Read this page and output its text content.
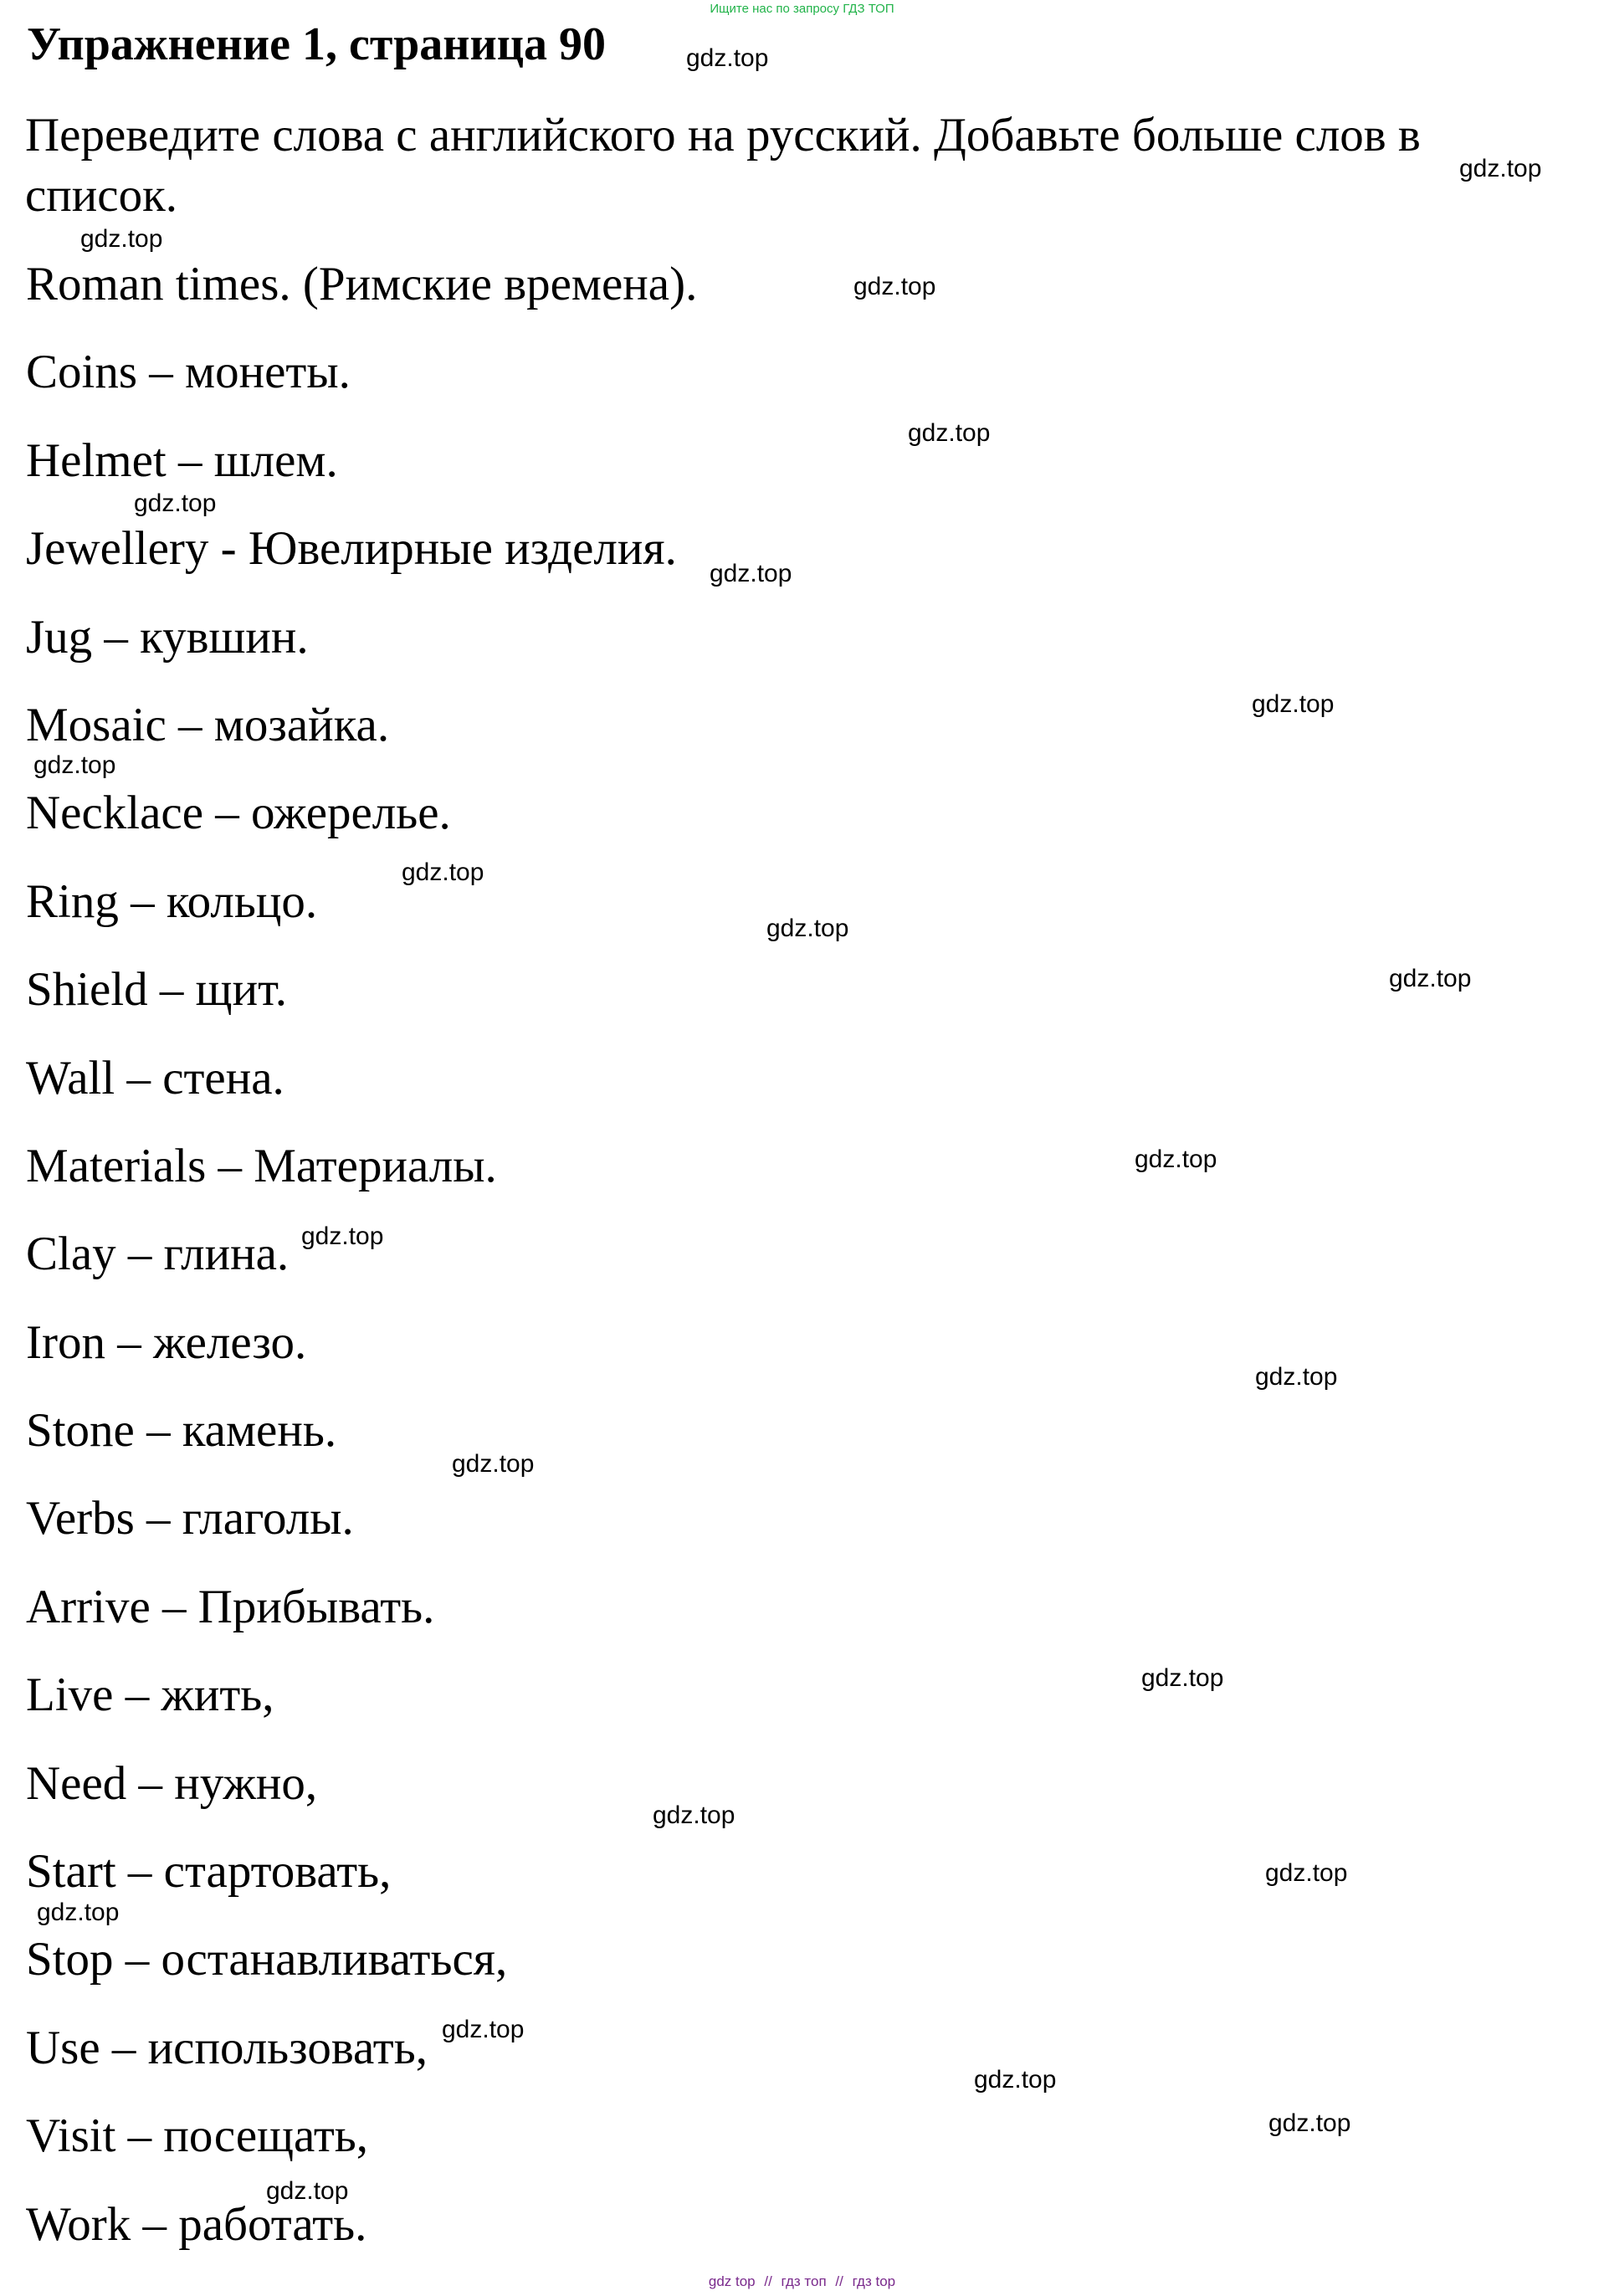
Ищите нас по запросу ГДЗ ТОП
Упражнение 1, страница 90
Переведите слова с английского на русский. Добавьте больше слов в список.
Roman times. (Римские времена).
Coins – монеты.
Helmet – шлем.
Jewellery - Ювелирные изделия.
Jug – кувшин.
Mosaic – мозайка.
Necklace – ожерелье.
Ring – кольцо.
Shield – щит.
Wall – стена.
Materials – Материалы.
Clay – глина.
Iron – железо.
Stone – камень.
Verbs – глаголы.
Arrive – Прибывать.
Live – жить,
Need – нужно,
Start – стартовать,
Stop – останавливаться,
Use – использовать,
Visit – посещать,
Work – работать.
gdz.top
gdz.top
gdz.top
gdz.top
gdz.top
gdz.top
gdz.top
gdz.top
gdz.top
gdz.top
gdz.top
gdz.top
gdz.top
gdz.top
gdz.top
gdz.top
gdz.top
gdz.top
gdz.top
gdz.top
gdz.top
gdz.top
gdz.top
gdz.top
gdz top // гдз топ // гдз top
